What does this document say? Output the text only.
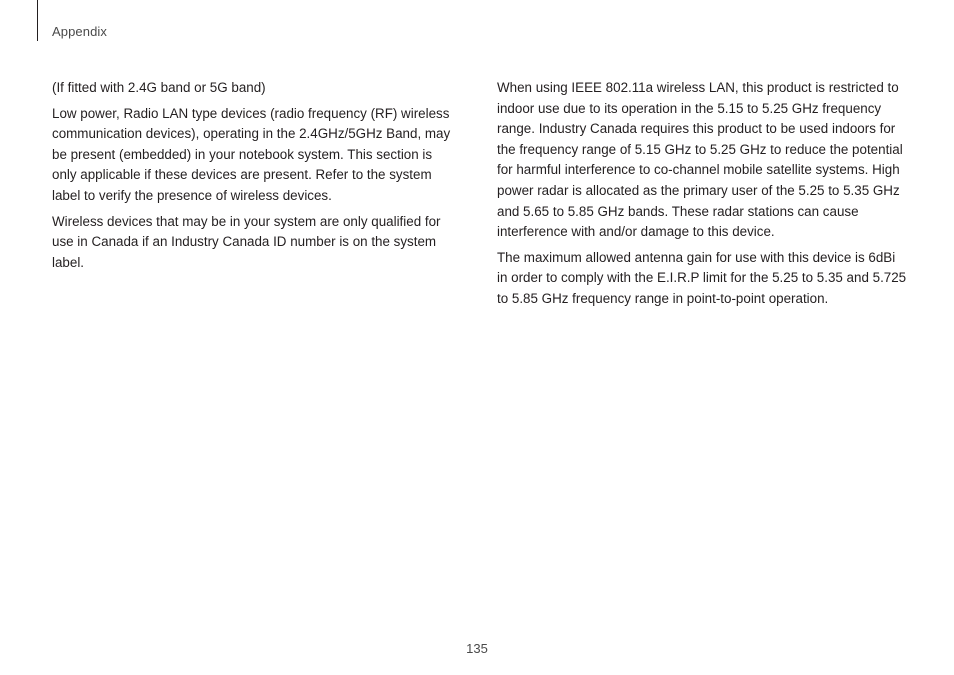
Appendix

(If fitted with 2.4G band or 5G band)

Low power, Radio LAN type devices (radio frequency (RF) wireless communication devices), operating in the 2.4GHz/5GHz Band, may be present (embedded) in your notebook system. This section is only applicable if these devices are present. Refer to the system label to verify the presence of wireless devices.

Wireless devices that may be in your system are only qualified for use in Canada if an Industry Canada ID number is on the system label.

When using IEEE 802.11a wireless LAN, this product is restricted to indoor use due to its operation in the 5.15 to 5.25 GHz frequency range. Industry Canada requires this product to be used indoors for the frequency range of 5.15 GHz to 5.25 GHz to reduce the potential for harmful interference to co-channel mobile satellite systems. High power radar is allocated as the primary user of the 5.25 to 5.35 GHz and 5.65 to 5.85 GHz bands. These radar stations can cause interference with and/or damage to this device.

The maximum allowed antenna gain for use with this device is 6dBi in order to comply with the E.I.R.P limit for the 5.25 to 5.35 and 5.725 to 5.85 GHz frequency range in point-to-point operation.

135
